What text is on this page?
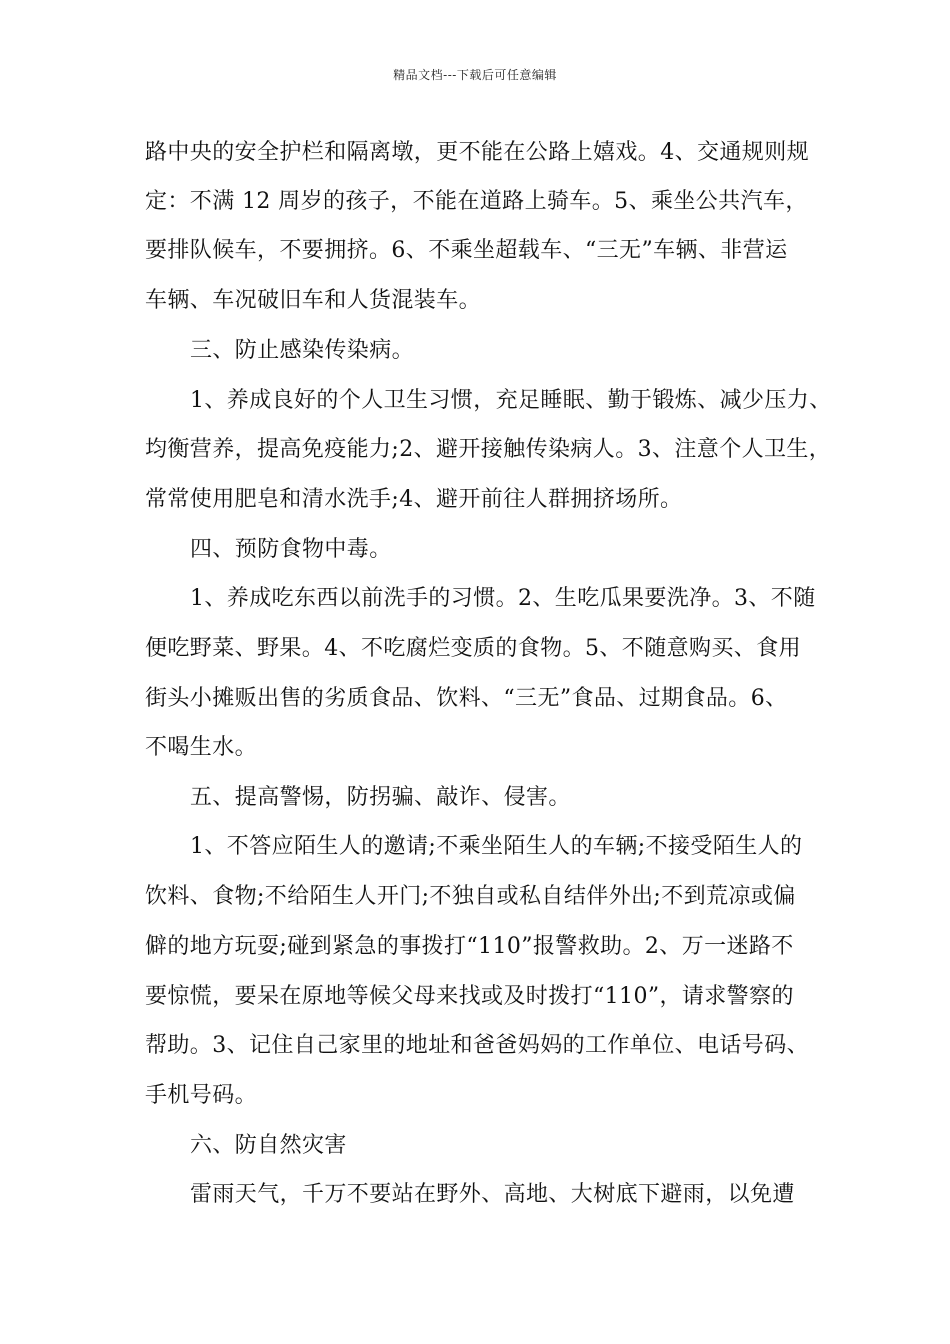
精品文档---下载后可任意编辑
路中央的安全护栏和隔离墩，更不能在公路上嬉戏。4、交通规则规
定：不满 12 周岁的孩子，不能在道路上骑车。5、乘坐公共汽车，
要排队候车，不要拥挤。6、不乘坐超载车、“三无”车辆、非营运
车辆、车况破旧车和人货混装车。
三、防止感染传染病。
1、养成良好的个人卫生习惯，充足睡眠、勤于锻炼、减少压力、
均衡营养，提高免疫能力;2、避开接触传染病人。3、注意个人卫生，
常常使用肥皂和清水洗手;4、避开前往人群拥挤场所。
四、预防食物中毒。
1、养成吃东西以前洗手的习惯。2、生吃瓜果要洗净。3、不随
便吃野菜、野果。4、不吃腐烂变质的食物。5、不随意购买、食用
街头小摊贩出售的劣质食品、饮料、“三无”食品、过期食品。6、
不喝生水。
五、提高警惕，防拐骗、敲诈、侵害。
1、不答应陌生人的邀请;不乘坐陌生人的车辆;不接受陌生人的
饮料、食物;不给陌生人开门;不独自或私自结伴外出;不到荒凉或偏
僻的地方玩耍;碰到紧急的事拨打“110”报警救助。2、万一迷路不
要惊慌，要呆在原地等候父母来找或及时拨打“110”，请求警察的
帮助。3、记住自己家里的地址和爸爸妈妈的工作单位、电话号码、
手机号码。
六、防自然灾害
雷雨天气，千万不要站在野外、高地、大树底下避雨，以免遭
